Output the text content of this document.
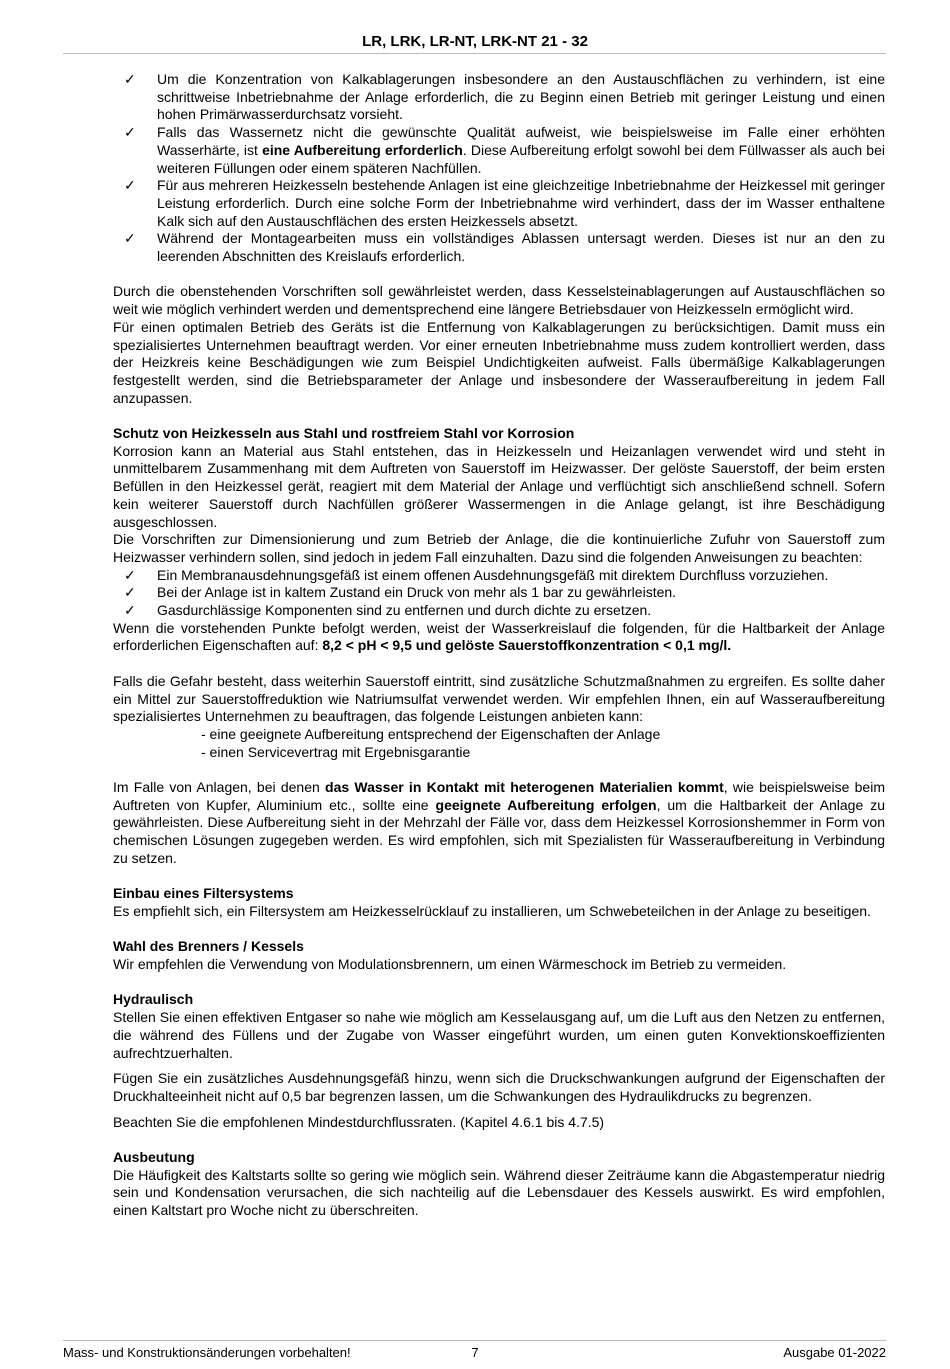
LR, LRK, LR-NT, LRK-NT 21 - 32
✓ Um die Konzentration von Kalkablagerungen insbesondere an den Austauschflächen zu verhindern, ist eine schrittweise Inbetriebnahme der Anlage erforderlich, die zu Beginn einen Betrieb mit geringer Leistung und einen hohen Primärwasserdurchsatz vorsieht.
✓ Falls das Wassernetz nicht die gewünschte Qualität aufweist, wie beispielsweise im Falle einer erhöhten Wasserhärte, ist eine Aufbereitung erforderlich. Diese Aufbereitung erfolgt sowohl bei dem Füllwasser als auch bei weiteren Füllungen oder einem späteren Nachfüllen.
✓ Für aus mehreren Heizkesseln bestehende Anlagen ist eine gleichzeitige Inbetriebnahme der Heizkessel mit geringer Leistung erforderlich. Durch eine solche Form der Inbetriebnahme wird verhindert, dass der im Wasser enthaltene Kalk sich auf den Austauschflächen des ersten Heizkessels absetzt.
✓ Während der Montagearbeiten muss ein vollständiges Ablassen untersagt werden. Dieses ist nur an den zu leerenden Abschnitten des Kreislaufs erforderlich.

Durch die obenstehenden Vorschriften soll gewährleistet werden, dass Kesselsteinablagerungen auf Austauschflächen so weit wie möglich verhindert werden und dementsprechend eine längere Betriebsdauer von Heizkesseln ermöglicht wird.

Für einen optimalen Betrieb des Geräts ist die Entfernung von Kalkablagerungen zu berücksichtigen. Damit muss ein spezialisiertes Unternehmen beauftragt werden. Vor einer erneuten Inbetriebnahme muss zudem kontrolliert werden, dass der Heizkreis keine Beschädigungen wie zum Beispiel Undichtigkeiten aufweist. Falls übermäßige Kalkablagerungen festgestellt werden, sind die Betriebsparameter der Anlage und insbesondere der Wasseraufbereitung in jedem Fall anzupassen.

Schutz von Heizkesseln aus Stahl und rostfreiem Stahl vor Korrosion

Korrosion kann an Material aus Stahl entstehen, das in Heizkesseln und Heizanlagen verwendet wird und steht in unmittelbarem Zusammenhang mit dem Auftreten von Sauerstoff im Heizwasser. Der gelöste Sauerstoff, der beim ersten Befüllen in den Heizkessel gerät, reagiert mit dem Material der Anlage und verflüchtigt sich anschließend schnell. Sofern kein weiterer Sauerstoff durch Nachfüllen größerer Wassermengen in die Anlage gelangt, ist ihre Beschädigung ausgeschlossen.

Die Vorschriften zur Dimensionierung und zum Betrieb der Anlage, die die kontinuierliche Zufuhr von Sauerstoff zum Heizwasser verhindern sollen, sind jedoch in jedem Fall einzuhalten. Dazu sind die folgenden Anweisungen zu beachten:

✓ Ein Membranausdehnungsgefäß ist einem offenen Ausdehnungsgefäß mit direktem Durchfluss vorzuziehen.
✓ Bei der Anlage ist in kaltem Zustand ein Druck von mehr als 1 bar zu gewährleisten.
✓ Gasdurchlässige Komponenten sind zu entfernen und durch dichte zu ersetzen.

Wenn die vorstehenden Punkte befolgt werden, weist der Wasserkreislauf die folgenden, für die Haltbarkeit der Anlage erforderlichen Eigenschaften auf: 8,2 < pH < 9,5 und gelöste Sauerstoffkonzentration < 0,1 mg/l.

Falls die Gefahr besteht, dass weiterhin Sauerstoff eintritt, sind zusätzliche Schutzmaßnahmen zu ergreifen. Es sollte daher ein Mittel zur Sauerstoffreduktion wie Natriumsulfat verwendet werden. Wir empfehlen Ihnen, ein auf Wasseraufbereitung spezialisiertes Unternehmen zu beauftragen, das folgende Leistungen anbieten kann:

- eine geeignete Aufbereitung entsprechend der Eigenschaften der Anlage

- einen Servicevertrag mit Ergebnisgarantie

Im Falle von Anlagen, bei denen das Wasser in Kontakt mit heterogenen Materialien kommt, wie beispielsweise beim Auftreten von Kupfer, Aluminium etc., sollte eine geeignete Aufbereitung erfolgen, um die Haltbarkeit der Anlage zu gewährleisten. Diese Aufbereitung sieht in der Mehrzahl der Fälle vor, dass dem Heizkessel Korrosionshemmer in Form von chemischen Lösungen zugegeben werden. Es wird empfohlen, sich mit Spezialisten für Wasseraufbereitung in Verbindung zu setzen.

Einbau eines Filtersystems

Es empfiehlt sich, ein Filtersystem am Heizkesselrücklauf zu installieren, um Schwebeteilchen in der Anlage zu beseitigen.

Wahl des Brenners / Kessels

Wir empfehlen die Verwendung von Modulationsbrennern, um einen Wärmeschock im Betrieb zu vermeiden.

Hydraulisch

Stellen Sie einen effektiven Entgaser so nahe wie möglich am Kesselausgang auf, um die Luft aus den Netzen zu entfernen, die während des Füllens und der Zugabe von Wasser eingeführt wurden, um einen guten Konvektionskoeffizienten aufrechtzuerhalten.

Fügen Sie ein zusätzliches Ausdehnungsgefäß hinzu, wenn sich die Druckschwankungen aufgrund der Eigenschaften der Druckhalteeinheit nicht auf 0,5 bar begrenzen lassen, um die Schwankungen des Hydraulikdrucks zu begrenzen.

Beachten Sie die empfohlenen Mindestdurchflussraten. (Kapitel 4.6.1 bis 4.7.5)

Ausbeutung

Die Häufigkeit des Kaltstarts sollte so gering wie möglich sein. Während dieser Zeiträume kann die Abgastemperatur niedrig sein und Kondensation verursachen, die sich nachteilig auf die Lebensdauer des Kessels auswirkt. Es wird empfohlen, einen Kaltstart pro Woche nicht zu überschreiten.

Mass- und Konstruktionsänderungen vorbehalten!	7	Ausgabe 01-2022
